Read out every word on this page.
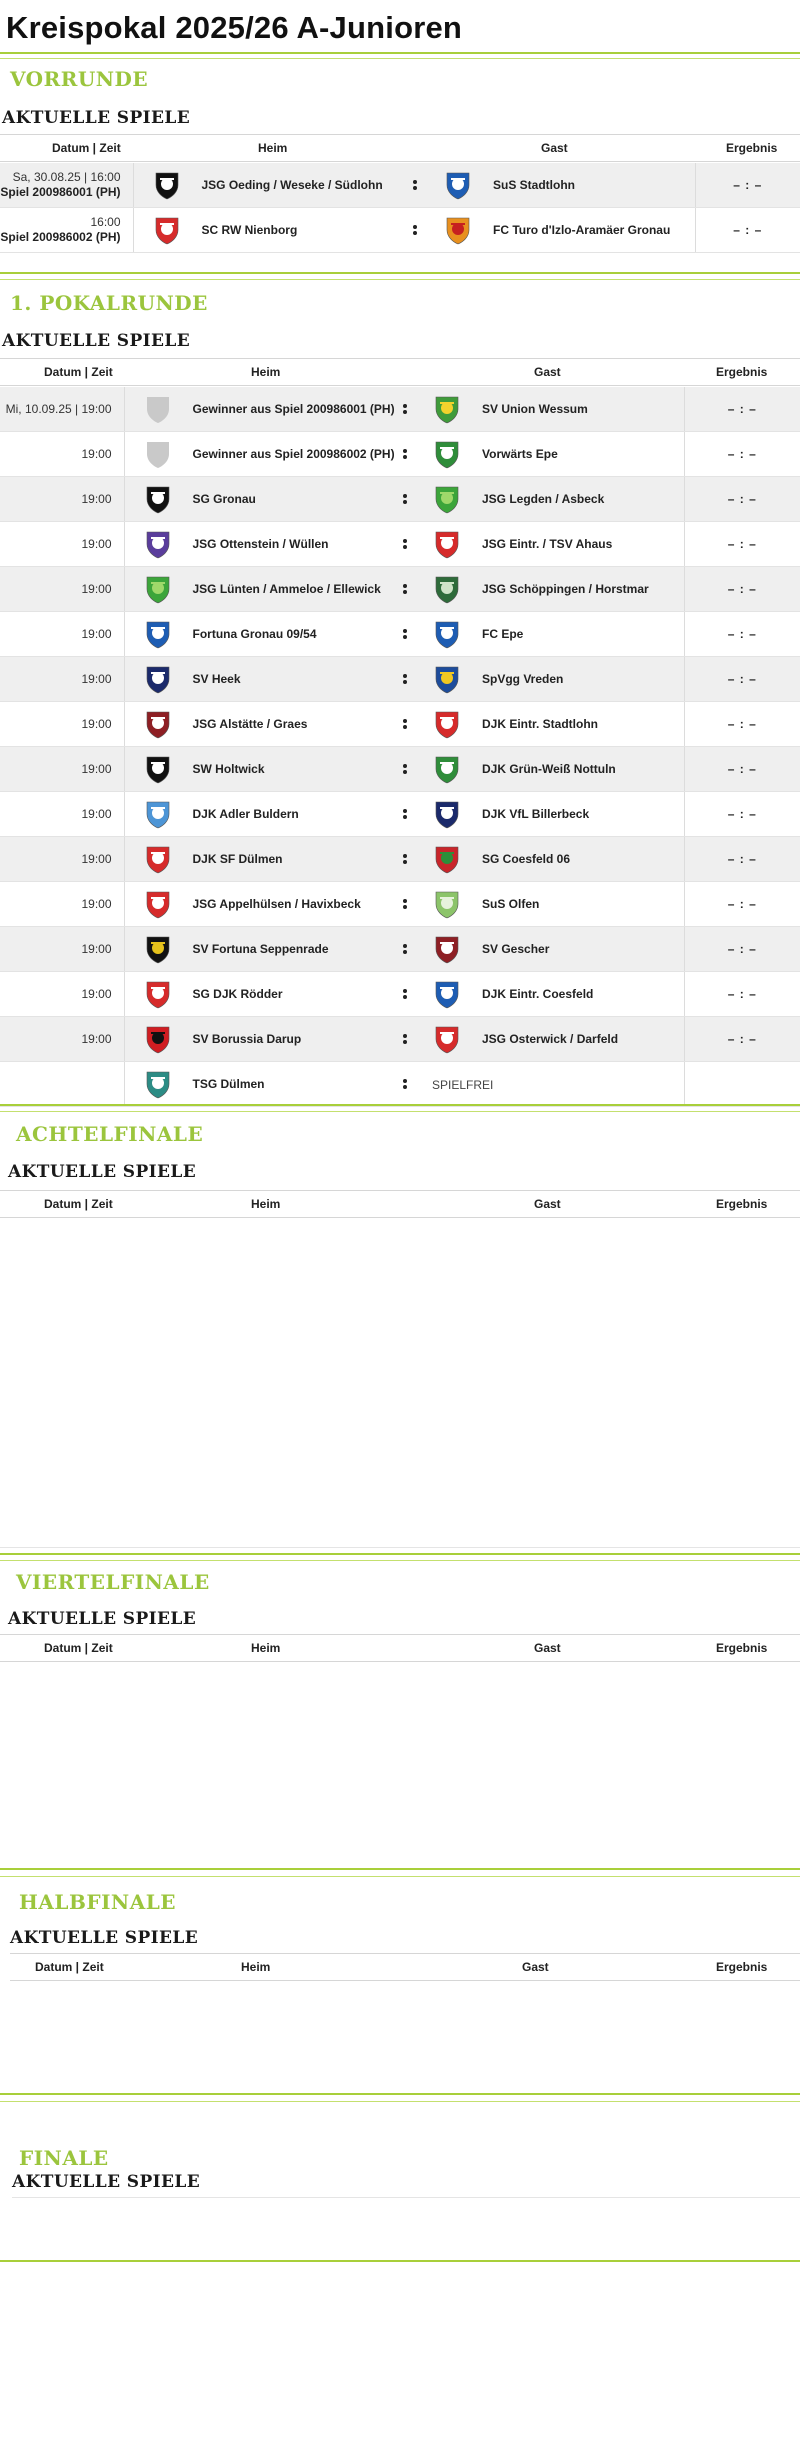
Kreispokal 2025/26 A-Junioren
VORRUNDE
AKTUELLE SPIELE
Datum | Zeit	Heim	Gast	Ergebnis
Sa, 30.08.25 | 16:00
Spiel 200986001 (PH)	JSG Oeding / Weseke / Südlohn		SuS Stadtlohn	– : –
16:00
Spiel 200986002 (PH)	SC RW Nienborg		FC Turo d'Izlo-Aramäer Gronau	– : –
1. POKALRUNDE
AKTUELLE SPIELE
Datum | Zeit	Heim	Gast	Ergebnis
Mi, 10.09.25 | 19:00	Gewinner aus Spiel 200986001 (PH)		SV Union Wessum	– : –
19:00	Gewinner aus Spiel 200986002 (PH)		Vorwärts Epe	– : –
19:00	SG Gronau		JSG Legden / Asbeck	– : –
19:00	JSG Ottenstein / Wüllen		JSG Eintr. / TSV Ahaus	– : –
19:00	JSG Lünten / Ammeloe / Ellewick		JSG Schöppingen / Horstmar	– : –
19:00	Fortuna Gronau 09/54		FC Epe	– : –
19:00	SV Heek		SpVgg Vreden	– : –
19:00	JSG Alstätte / Graes		DJK Eintr. Stadtlohn	– : –
19:00	SW Holtwick		DJK Grün-Weiß Nottuln	– : –
19:00	DJK Adler Buldern		DJK VfL Billerbeck	– : –
19:00	DJK SF Dülmen		SG Coesfeld 06	– : –
19:00	JSG Appelhülsen / Havixbeck		SuS Olfen	– : –
19:00	SV Fortuna Seppenrade		SV Gescher	– : –
19:00	SG DJK Rödder		DJK Eintr. Coesfeld	– : –
19:00	SV Borussia Darup		JSG Osterwick / Darfeld	– : –

TSG Dülmen		SPIELFREI	
ACHTELFINALE
AKTUELLE SPIELE
Datum | Zeit	Heim	Gast	Ergebnis
VIERTELFINALE
AKTUELLE SPIELE
Datum | Zeit	Heim	Gast	Ergebnis
HALBFINALE
AKTUELLE SPIELE
Datum | Zeit	Heim	Gast	Ergebnis
FINALE
AKTUELLE SPIELE
